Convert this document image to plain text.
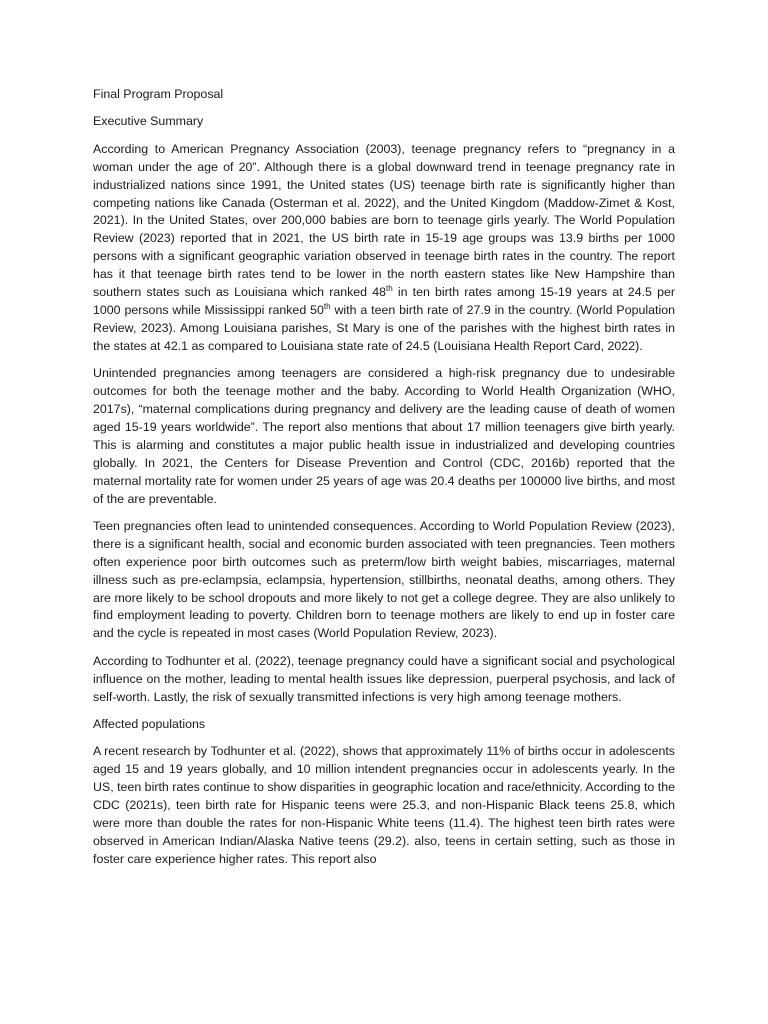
Final Program Proposal
Executive Summary

According to American Pregnancy Association (2003), teenage pregnancy refers to “pregnancy in a woman under the age of 20”. Although there is a global downward trend in teenage pregnancy rate in industrialized nations since 1991, the United states (US) teenage birth rate is significantly higher than competing nations like Canada (Osterman et al. 2022), and the United Kingdom (Maddow-Zimet & Kost, 2021). In the United States, over 200,000 babies are born to teenage girls yearly. The World Population Review (2023) reported that in 2021, the US birth rate in 15-19 age groups was 13.9 births per 1000 persons with a significant geographic variation observed in teenage birth rates in the country. The report has it that teenage birth rates tend to be lower in the north eastern states like New Hampshire than southern states such as Louisiana which ranked 48th in ten birth rates among 15-19 years at 24.5 per 1000 persons while Mississippi ranked 50th with a teen birth rate of 27.9 in the country. (World Population Review, 2023). Among Louisiana parishes, St Mary is one of the parishes with the highest birth rates in the states at 42.1 as compared to Louisiana state rate of 24.5 (Louisiana Health Report Card, 2022).

Unintended pregnancies among teenagers are considered a high-risk pregnancy due to undesirable outcomes for both the teenage mother and the baby. According to World Health Organization (WHO, 2017s), “maternal complications during pregnancy and delivery are the leading cause of death of women aged 15-19 years worldwide”. The report also mentions that about 17 million teenagers give birth yearly. This is alarming and constitutes a major public health issue in industrialized and developing countries globally. In 2021, the Centers for Disease Prevention and Control (CDC, 2016b) reported that the maternal mortality rate for women under 25 years of age was 20.4 deaths per 100000 live births, and most of the are preventable.

Teen pregnancies often lead to unintended consequences. According to World Population Review (2023), there is a significant health, social and economic burden associated with teen pregnancies. Teen mothers often experience poor birth outcomes such as preterm/low birth weight babies, miscarriages, maternal illness such as pre-eclampsia, eclampsia, hypertension, stillbirths, neonatal deaths, among others. They are more likely to be school dropouts and more likely to not get a college degree. They are also unlikely to find employment leading to poverty. Children born to teenage mothers are likely to end up in foster care and the cycle is repeated in most cases (World Population Review, 2023).

According to Todhunter et al. (2022), teenage pregnancy could have a significant social and psychological influence on the mother, leading to mental health issues like depression, puerperal psychosis, and lack of self-worth. Lastly, the risk of sexually transmitted infections is very high among teenage mothers.

Affected populations

A recent research by Todhunter et al. (2022), shows that approximately 11% of births occur in adolescents aged 15 and 19 years globally, and 10 million intendent pregnancies occur in adolescents yearly. In the US, teen birth rates continue to show disparities in geographic location and race/ethnicity. According to the CDC (2021s), teen birth rate for Hispanic teens were 25.3, and non-Hispanic Black teens 25.8, which were more than double the rates for non-Hispanic White teens (11.4). The highest teen birth rates were observed in American Indian/Alaska Native teens (29.2). also, teens in certain setting, such as those in foster care experience higher rates. This report also
